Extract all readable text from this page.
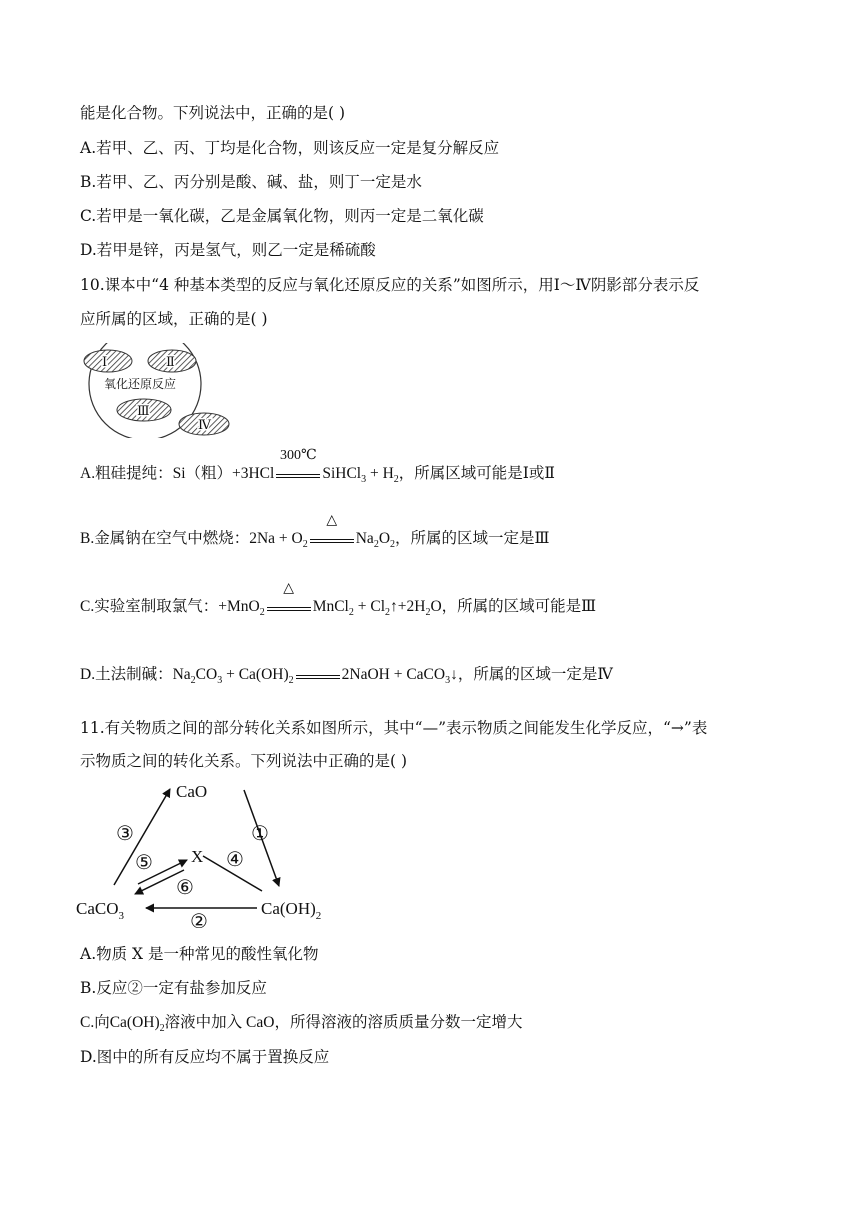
能是化合物。下列说法中，正确的是( )
A.若甲、乙、丙、丁均是化合物，则该反应一定是复分解反应
B.若甲、乙、丙分别是酸、碱、盐，则丁一定是水
C.若甲是一氧化碳，乙是金属氧化物，则丙一定是二氧化碳
D.若甲是锌，丙是氢气，则乙一定是稀硫酸
10.课本中“4 种基本类型的反应与氧化还原反应的关系”如图所示，用Ⅰ～Ⅳ阴影部分表示反
应所属的区域，正确的是( )
Ⅰ	Ⅱ
氧化还原反应
Ⅲ
Ⅳ
A.粗硅提纯：Si（粗）+3HCl
300℃
SiHCl$_3$ + $H_2$，所属区域可能是Ⅰ或Ⅱ
B.金属钠在空气中燃烧：$2Na + O_2$
△
$Na_2O_2$，所属的区域一定是Ⅲ
C.实验室制取氯气：+MnO$_2$
△
MnCl$_2$ + $Cl_2↑+2H_2O$，所属的区域可能是Ⅲ
D.土法制碱：$Na_2CO_3 + Ca(OH)_2$	2NaOH + CaCO$_3$↓，所属的区域一定是Ⅳ
11.有关物质之间的部分转化关系如图所示，其中“—”表示物质之间能发生化学反应，“→”表
示物质之间的转化关系。下列说法中正确的是( )
CaO
X
CaCO$_3$	$Ca(OH)_2$
③	①
⑤	④
⑥
②
A.物质 X 是一种常见的酸性氧化物
B.反应②一定有盐参加反应
C.向$Ca(OH)_2$溶液中加入 CaO，所得溶液的溶质质量分数一定增大
D.图中的所有反应均不属于置换反应
